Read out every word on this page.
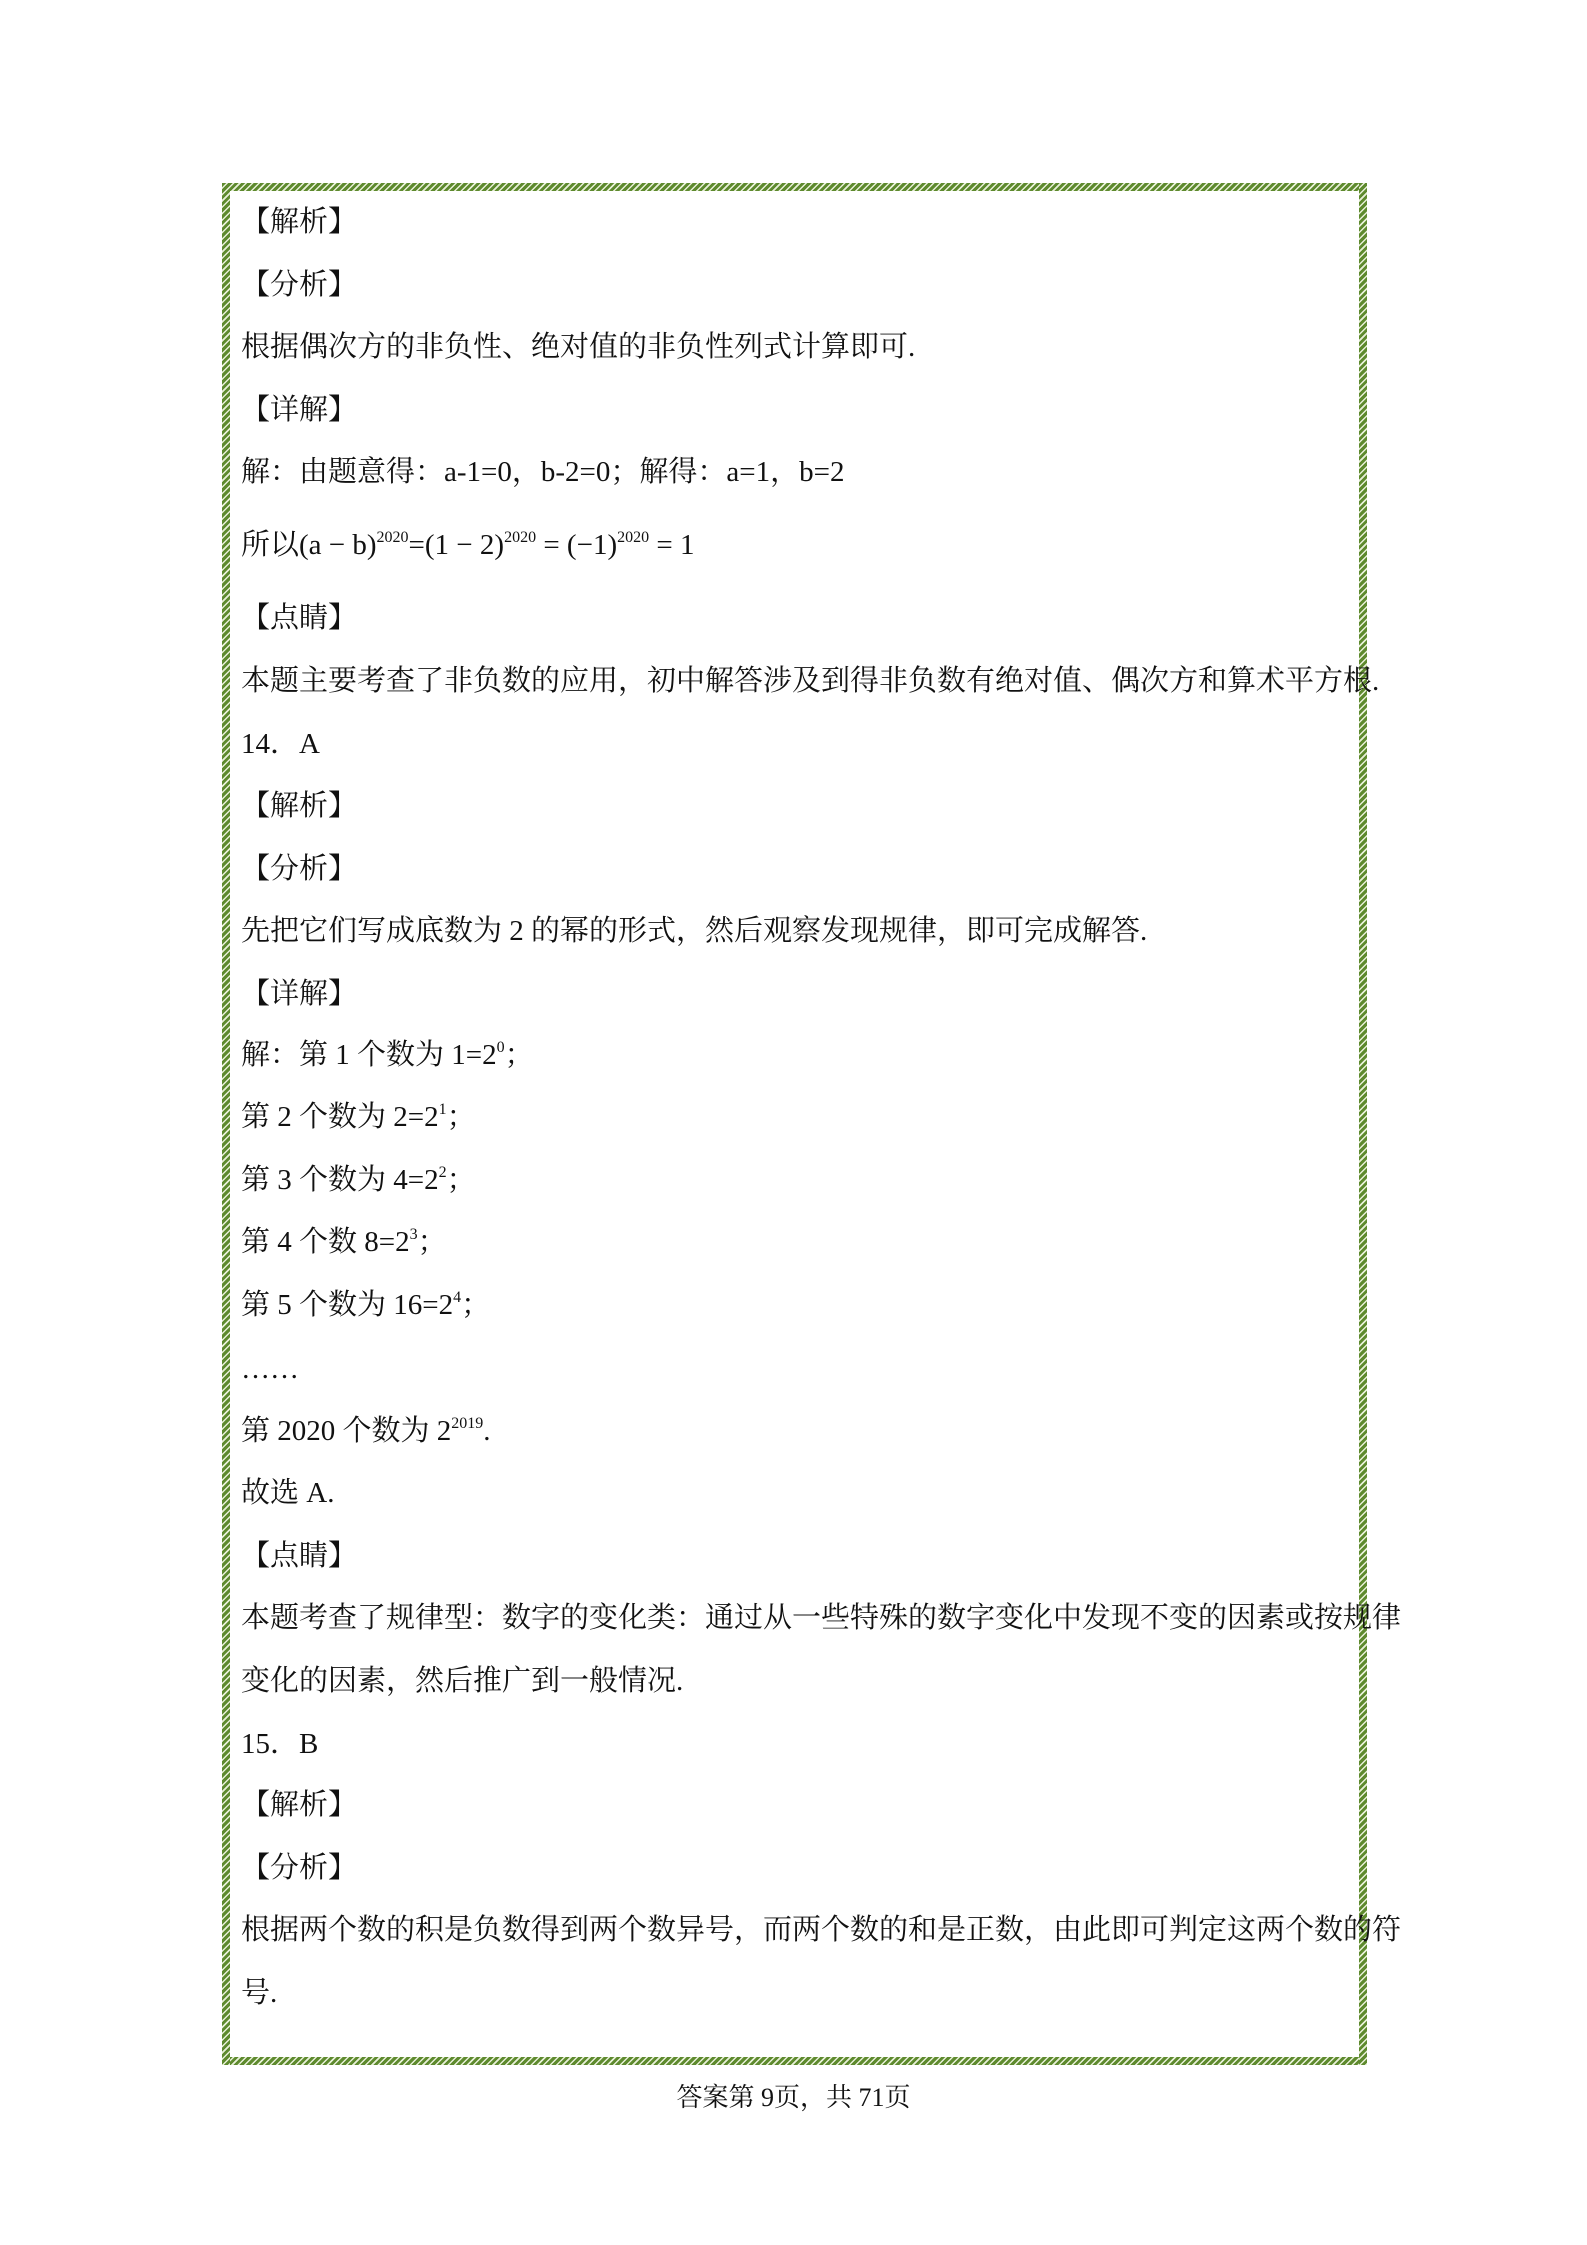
【解析】
【分析】
根据偶次方的非负性、绝对值的非负性列式计算即可.
【详解】
解：由题意得：a-1=0，b-2=0；解得：a=1，b=2
所以$(a - b)^{2020}=(1 - 2)^{2020} = (-1)^{2020} = 1$
【点睛】
本题主要考查了非负数的应用，初中解答涉及到得非负数有绝对值、偶次方和算术平方根.
14．A
【解析】
【分析】
先把它们写成底数为 2 的幂的形式，然后观察发现规律，即可完成解答.
【详解】
解：第 1 个数为 $1=2^0$；
第 2 个数为 $2=2^1$；
第 3 个数为 $4=2^2$；
第 4 个数 $8=2^3$；
第 5 个数为 $16=2^4$；
……
第 2020 个数为 $2^{2019}$.
故选 A.
【点睛】
本题考查了规律型：数字的变化类：通过从一些特殊的数字变化中发现不变的因素或按规律
变化的因素，然后推广到一般情况.
15．B
【解析】
【分析】
根据两个数的积是负数得到两个数异号，而两个数的和是正数，由此即可判定这两个数的符
号.
答案第 9页，共 71页
